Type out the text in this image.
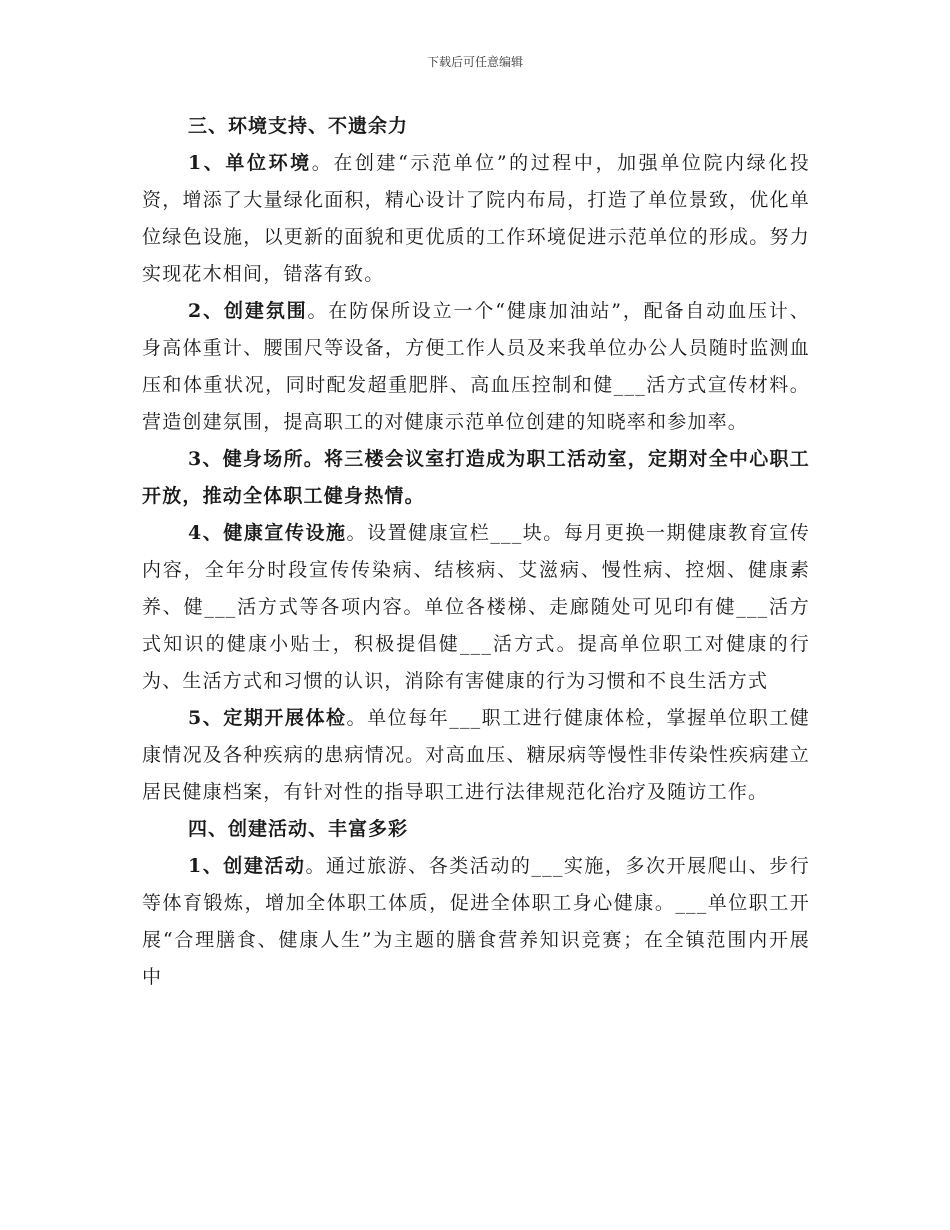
下载后可任意编辑

三、环境支持、不遗余力

1、单位环境。在创建“示范单位”的过程中，加强单位院内绿化投资，增添了大量绿化面积，精心设计了院内布局，打造了单位景致，优化单位绿色设施，以更新的面貌和更优质的工作环境促进示范单位的形成。努力实现花木相间，错落有致。

2、创建氛围。在防保所设立一个“健康加油站”，配备自动血压计、身高体重计、腰围尺等设备，方便工作人员及来我单位办公人员随时监测血压和体重状况，同时配发超重肥胖、高血压控制和健___活方式宣传材料。营造创建氛围，提高职工的对健康示范单位创建的知晓率和参加率。

3、健身场所。将三楼会议室打造成为职工活动室，定期对全中心职工开放，推动全体职工健身热情。

4、健康宣传设施。设置健康宣栏___块。每月更换一期健康教育宣传内容，全年分时段宣传传染病、结核病、艾滋病、慢性病、控烟、健康素养、健___活方式等各项内容。单位各楼梯、走廊随处可见印有健___活方式知识的健康小贴士，积极提倡健___活方式。提高单位职工对健康的行为、生活方式和习惯的认识，消除有害健康的行为习惯和不良生活方式

5、定期开展体检。单位每年___职工进行健康体检，掌握单位职工健康情况及各种疾病的患病情况。对高血压、糖尿病等慢性非传染性疾病建立居民健康档案，有针对性的指导职工进行法律规范化治疗及随访工作。

四、创建活动、丰富多彩

1、创建活动。通过旅游、各类活动的___实施，多次开展爬山、步行等体育锻炼，增加全体职工体质，促进全体职工身心健康。___单位职工开展“合理膳食、健康人生”为主题的膳食营养知识竞赛；在全镇范围内开展中
